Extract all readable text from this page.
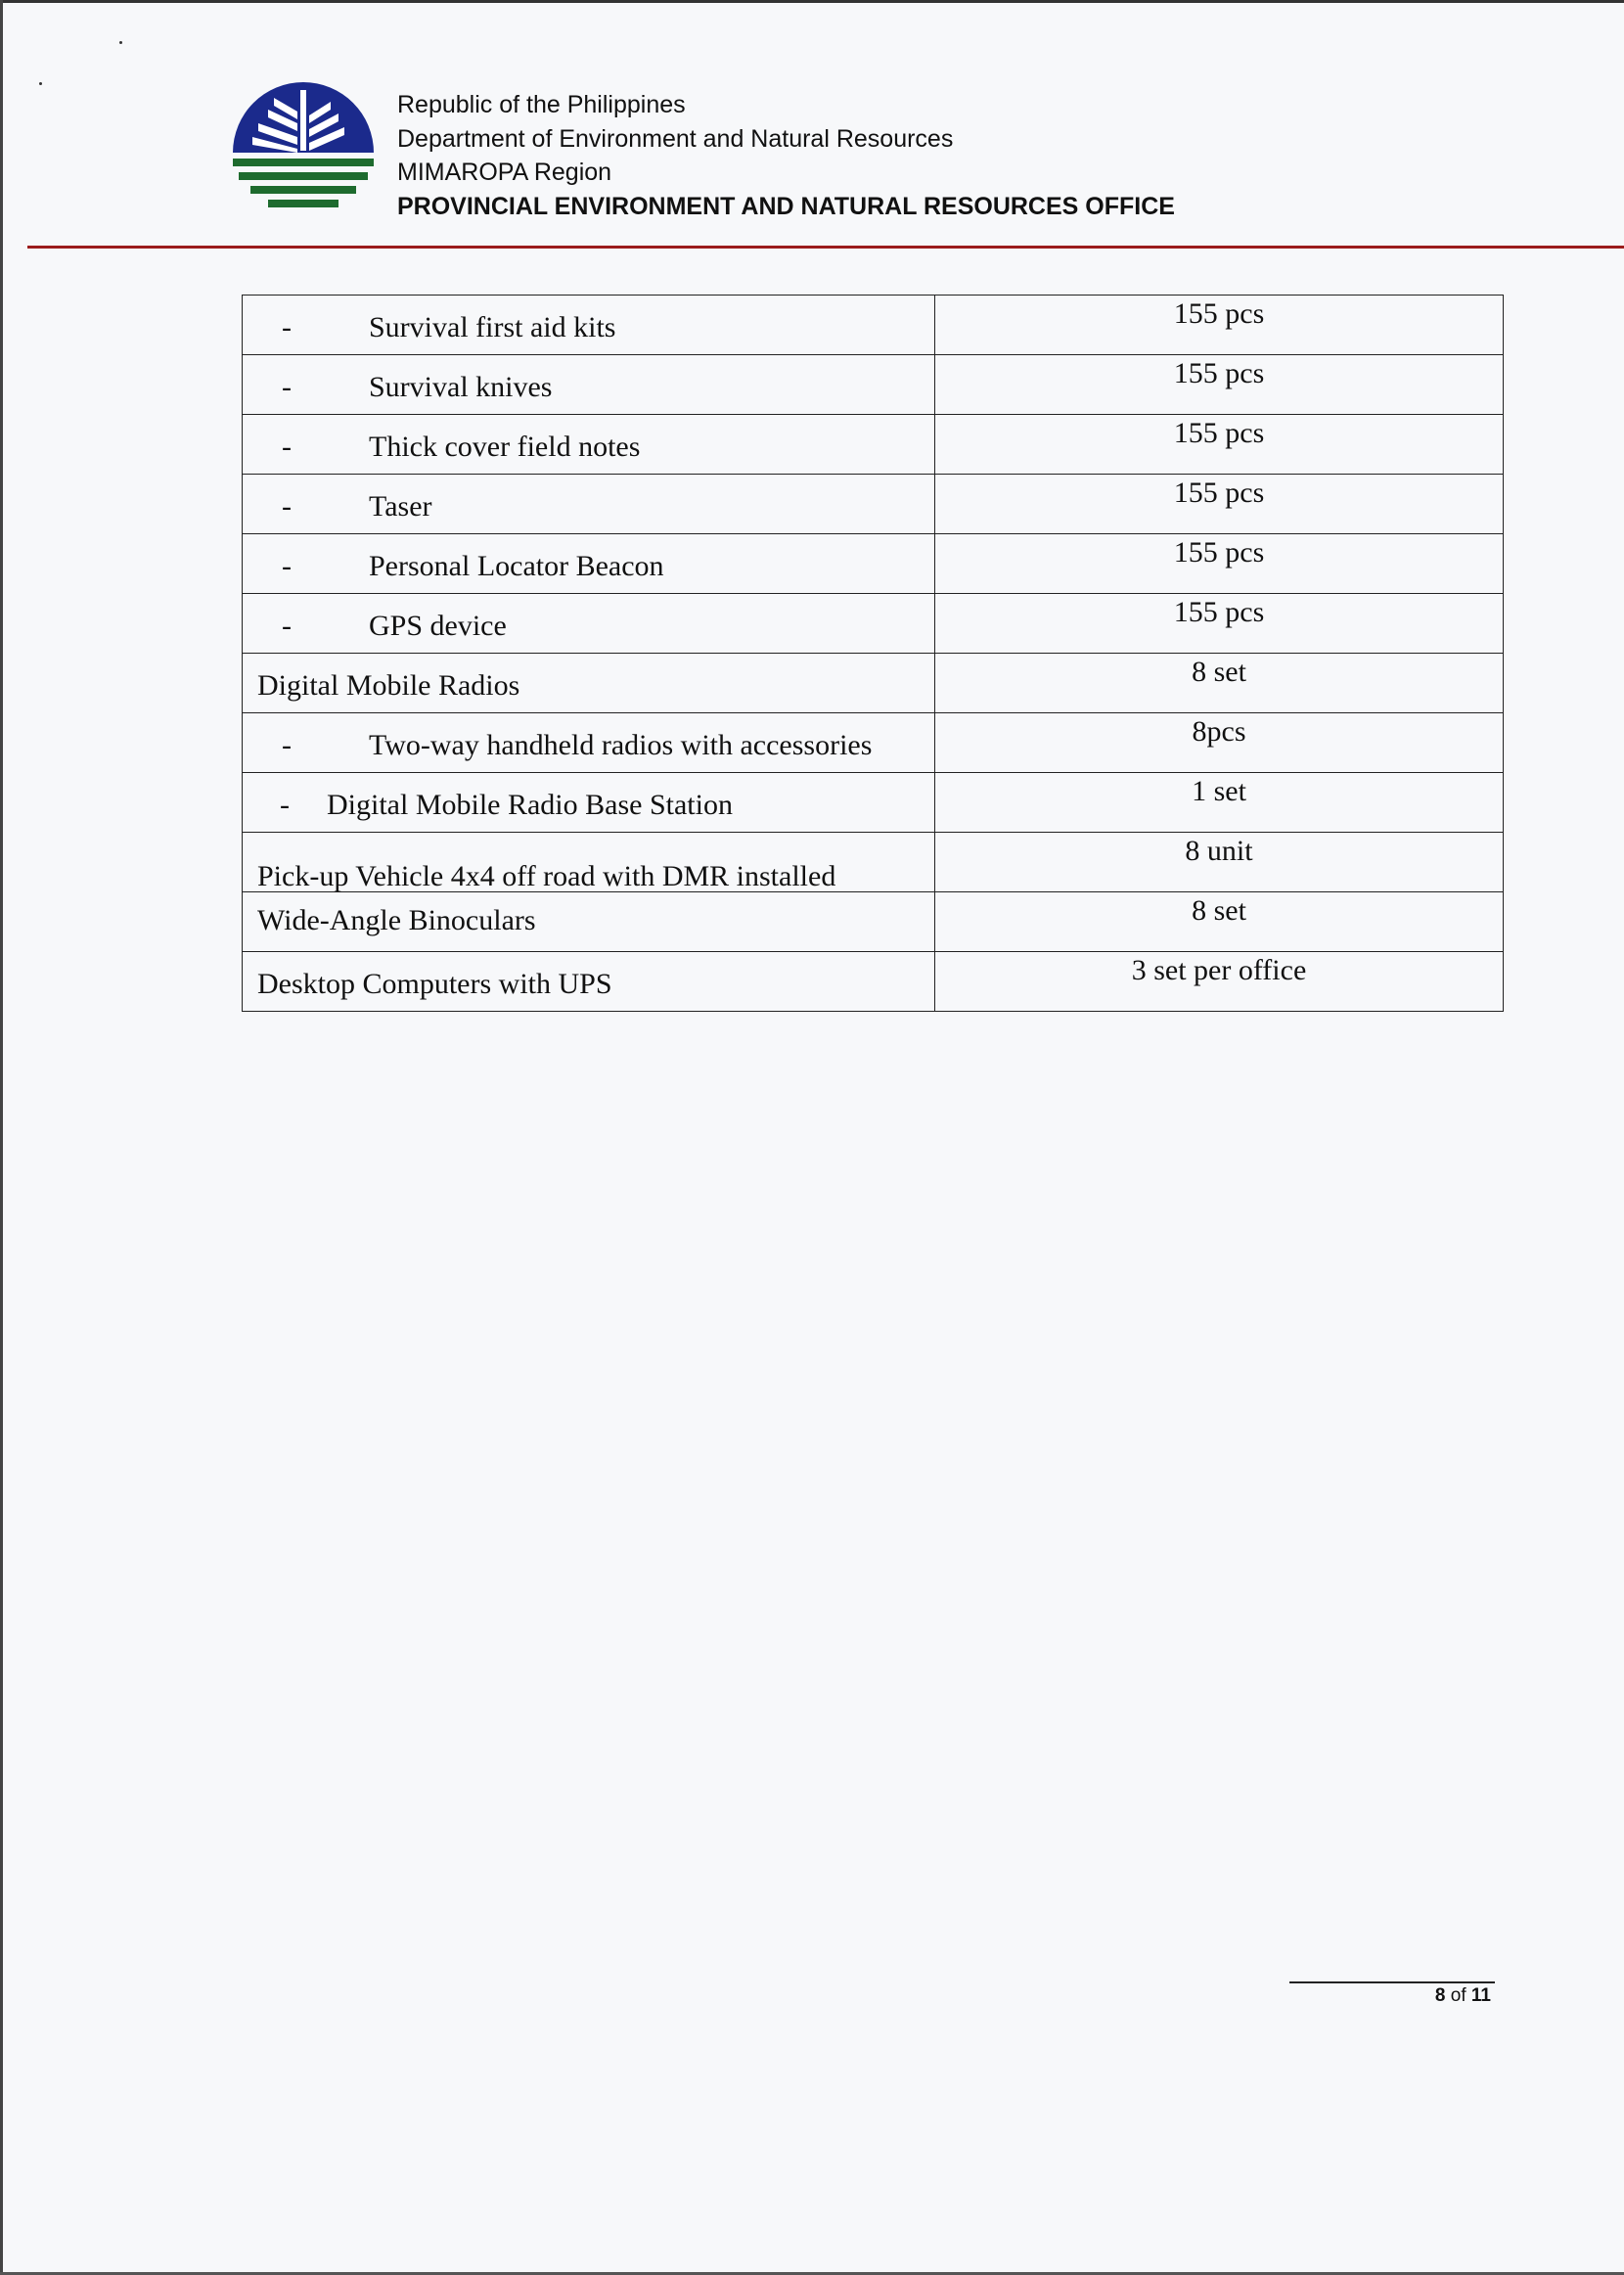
Republic of the Philippines
Department of Environment and Natural Resources
MIMAROPA Region
PROVINCIAL ENVIRONMENT AND NATURAL RESOURCES OFFICE
- Survival first aid kits	155 pcs

- Survival knives	155 pcs

- Thick cover field notes	155 pcs

- Taser	155 pcs

- Personal Locator Beacon	155 pcs

- GPS device	155 pcs

Digital Mobile Radios	8 set

- Two-way handheld radios with accessories	8pcs

- Digital Mobile Radio Base Station	1 set

Pick-up Vehicle 4x4 off road with DMR installed	8 unit

Wide-Angle Binoculars	8 set

Desktop Computers with UPS	3 set per office
8 of 11
